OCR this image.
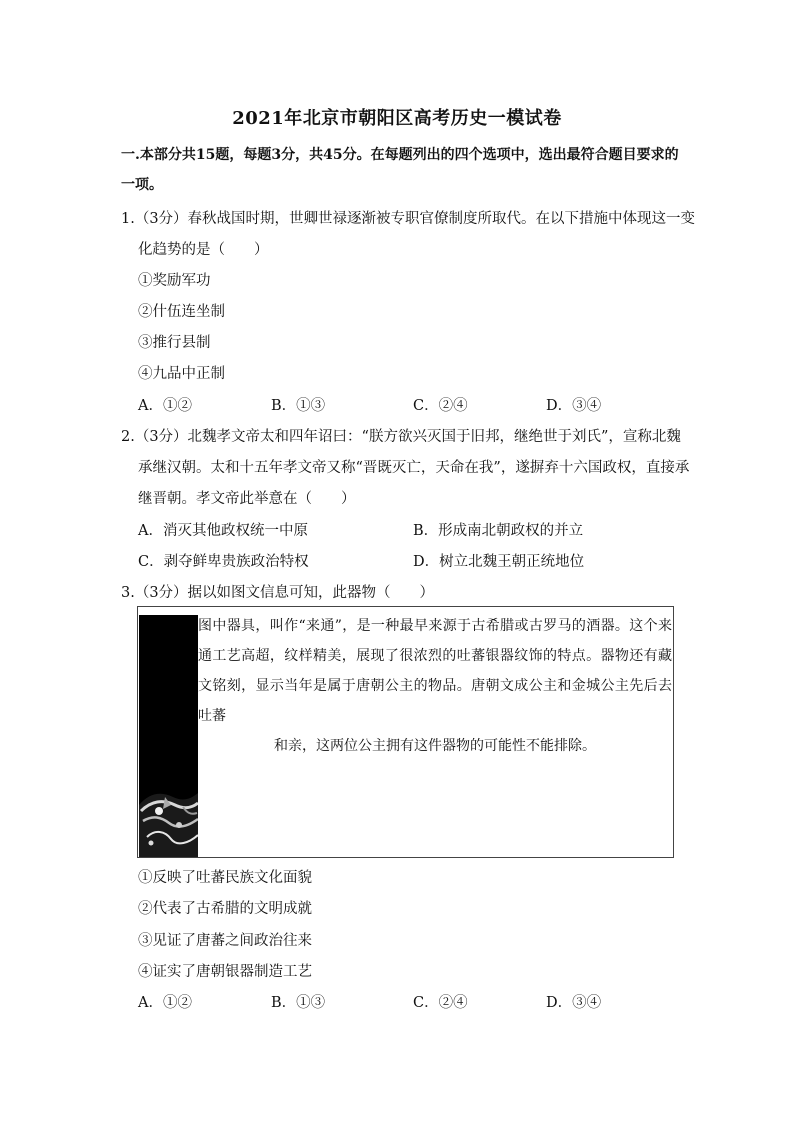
2021年北京市朝阳区高考历史一模试卷
一.本部分共15题，每题3分，共45分。在每题列出的四个选项中，选出最符合题目要求的一项。
1.（3分）春秋战国时期，世卿世禄逐渐被专职官僚制度所取代。在以下措施中体现这一变
化趋势的是（　　）
①奖励军功
②什伍连坐制
③推行县制
④九品中正制
A．①②	B．①③	C．②④	D．③④
2.（3分）北魏孝文帝太和四年诏曰：“朕方欲兴灭国于旧邦，继绝世于刘氏”，宣称北魏
承继汉朝。太和十五年孝文帝又称“晋既灭亡，天命在我”，遂摒弃十六国政权，直接承
继晋朝。孝文帝此举意在（　　）
A．消灭其他政权统一中原	B．形成南北朝政权的并立
C．剥夺鲜卑贵族政治特权	D．树立北魏王朝正统地位
3.（3分）据以如图文信息可知，此器物（　　）
图中器具，叫作“来通”，是一种最早来源于古希腊或古罗马的酒器。这个来通工艺高超，纹样精美，展现了很浓烈的吐蕃银器纹饰的特点。器物还有藏文铭刻，显示当年是属于唐朝公主的物品。唐朝文成公主和金城公主先后去吐蕃
和亲，这两位公主拥有这件器物的可能性不能排除。
①反映了吐蕃民族文化面貌
②代表了古希腊的文明成就
③见证了唐蕃之间政治往来
④证实了唐朝银器制造工艺
A．①②	B．①③	C．②④	D．③④
